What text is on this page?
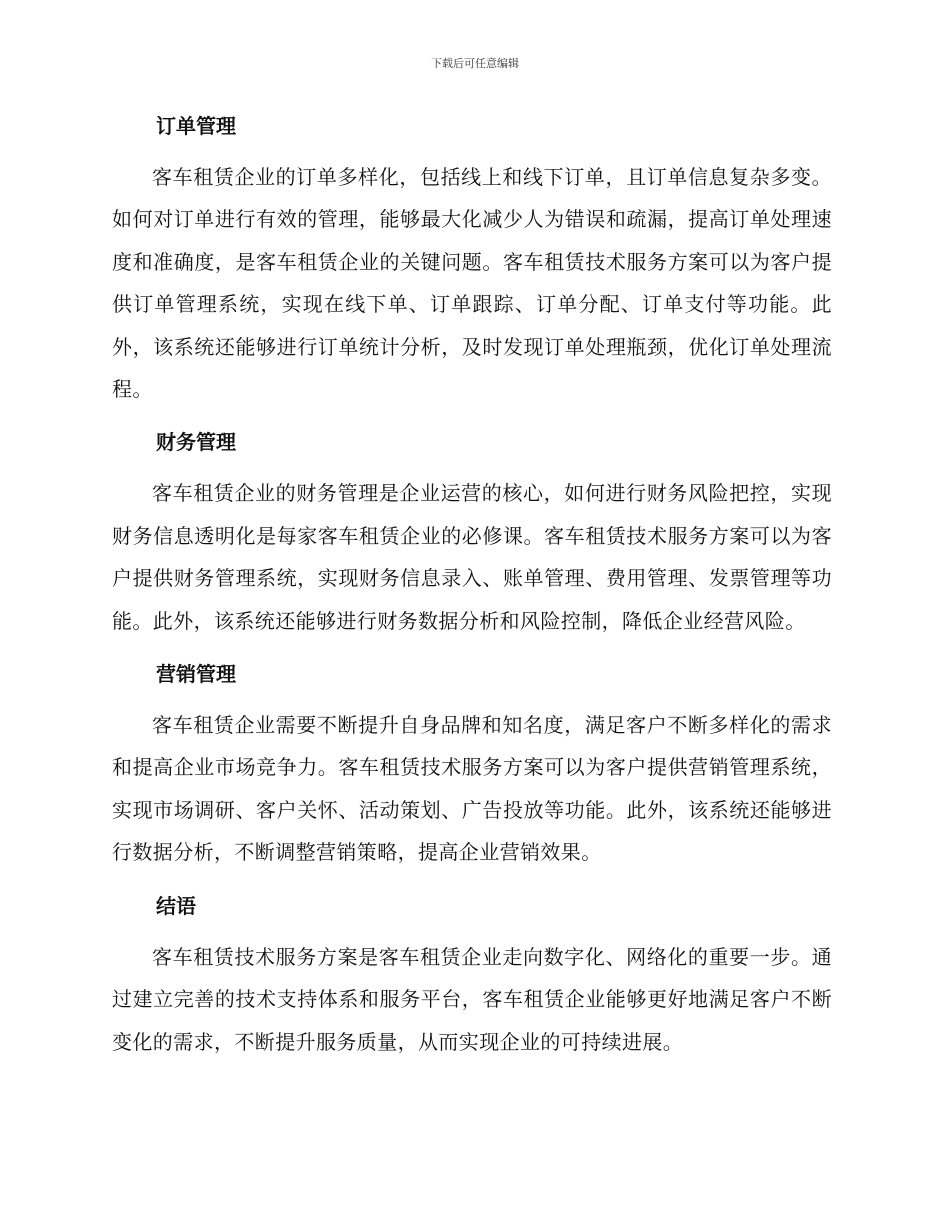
下载后可任意编辑
订单管理

客车租赁企业的订单多样化，包括线上和线下订单，且订单信息复杂多变。如何对订单进行有效的管理，能够最大化减少人为错误和疏漏，提高订单处理速度和准确度，是客车租赁企业的关键问题。客车租赁技术服务方案可以为客户提供订单管理系统，实现在线下单、订单跟踪、订单分配、订单支付等功能。此外，该系统还能够进行订单统计分析，及时发现订单处理瓶颈，优化订单处理流程。

财务管理

客车租赁企业的财务管理是企业运营的核心，如何进行财务风险把控，实现财务信息透明化是每家客车租赁企业的必修课。客车租赁技术服务方案可以为客户提供财务管理系统，实现财务信息录入、账单管理、费用管理、发票管理等功能。此外，该系统还能够进行财务数据分析和风险控制，降低企业经营风险。

营销管理

客车租赁企业需要不断提升自身品牌和知名度，满足客户不断多样化的需求和提高企业市场竞争力。客车租赁技术服务方案可以为客户提供营销管理系统，实现市场调研、客户关怀、活动策划、广告投放等功能。此外，该系统还能够进行数据分析，不断调整营销策略，提高企业营销效果。

结语

客车租赁技术服务方案是客车租赁企业走向数字化、网络化的重要一步。通过建立完善的技术支持体系和服务平台，客车租赁企业能够更好地满足客户不断变化的需求，不断提升服务质量，从而实现企业的可持续进展。
